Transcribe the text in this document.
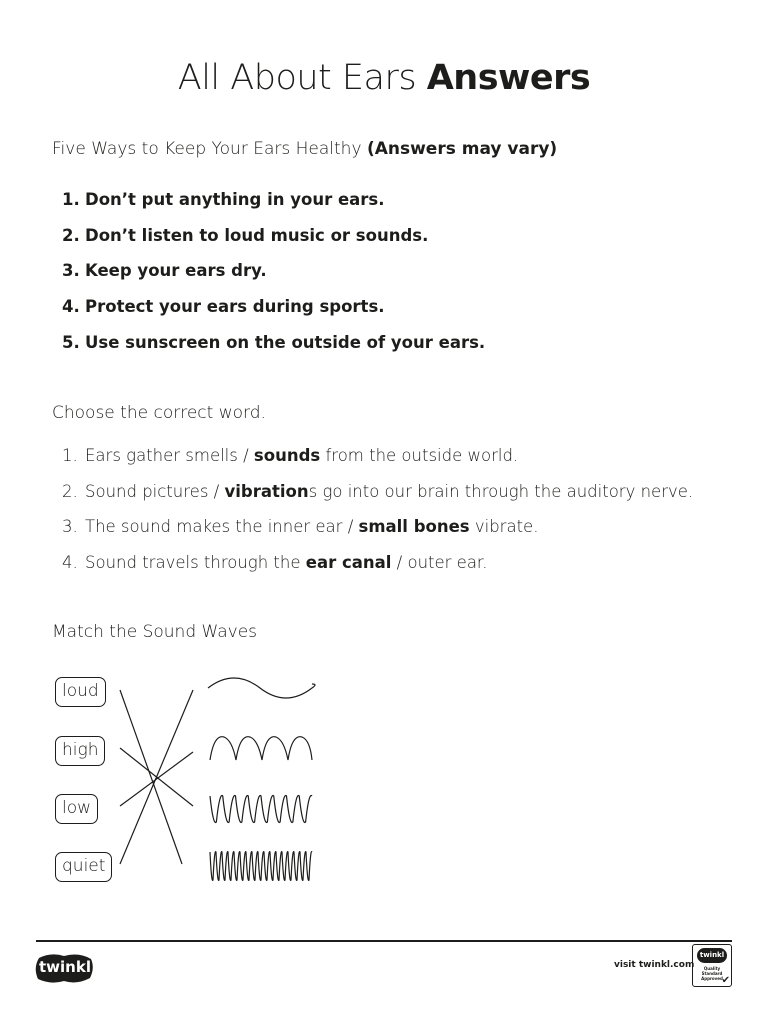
All About Ears Answers
Five Ways to Keep Your Ears Healthy (Answers may vary)
1. Don’t put anything in your ears.
2. Don’t listen to loud music or sounds.
3. Keep your ears dry.
4. Protect your ears during sports.
5. Use sunscreen on the outside of your ears.
Choose the correct word.
1. Ears gather smells / sounds from the outside world.
2. Sound pictures / vibrations go into our brain through the auditory nerve.
3. The sound makes the inner ear / small bones vibrate.
4. Sound travels through the ear canal / outer ear.
Match the Sound Waves
loud
high
low
quiet
twinkl	visit twinkl.com
twinkl
Quality Standard Approved
✔
